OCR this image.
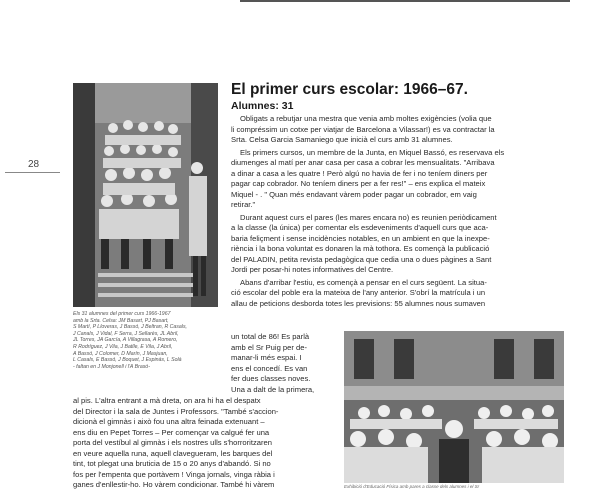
28
Els 31 alumnes del primer curs 1966-1967
amb la Srta. Celsa: JM Basart, PJ Basart,
S Martí, P Lloveras, J Bassó, J Beltran, R Casals,
J Canals, J Vidal, F Serra, J Sellarès, JL Abril,
JL Torres, JA García, A Villagrasa, A Romero,
R Rodríguez, J Vila, J Batlle, E Vila, J Abril,
A Bassó, J Colomer, D Marín, J Masjuan,
L Casals, E Bassó, J Boquet, J Espinàs, L Solà
- faltan en J Monjonell i l'A Brasó-
El primer curs escolar: 1966–67.
Alumnes: 31

Obligats a rebutjar una mestra que venia amb moltes exigències (volia que
li compréssim un cotxe per viatjar de Barcelona a Vilassar!) es va contractar la
Srta. Celsa Garcia Samaniego que inicià el curs amb 31 alumnes.

Els primers cursos, un membre de la Junta, en Miquel Bassó, es reservava els
diumenges al matí per anar casa per casa a cobrar les mensualitats. "Arribava
a dinar a casa a les quatre ! Però algú no havia de fer i no teníem diners per
pagar cap cobrador. No teníem diners per a fer res!" – ens explica el mateix
Miquel - . " Quan més endavant vàrem poder pagar un cobrador, em vaig
retirar."

Durant aquest curs el pares (les mares encara no) es reunien periòdicament
a la classe (la única) per comentar els esdeveniments d'aquell curs que aca-
baria feliçment i sense incidències notables, en un ambient en que la inexpe-
riència i la bona voluntat es donaren la mà tothora. Es començà la publicació
del PALADIN, petita revista pedagògica que cedia una o dues pàgines a Sant
Jordi per posar-hi notes informatives del Centre.

Abans d'arribar l'estiu, es començà a pensar en el curs següent. La situa-
ció escolar del poble era la mateixa de l'any anterior. S'obrí la matrícula i un
allau de peticions desborda totes les previsions: 55 alumnes nous sumaven

un total de 86! Es parlà
amb el Sr Puig per de-
manar-li més espai. I
ens el concedí. Es van
fer dues classes noves.
Una a dalt de la primera,
al pis. L'altra entrant a mà dreta, on ara hi ha el despatx
del Director i la sala de Juntes i Professors. "També s'accion-
dicionà el gimnàs i això fou una altra feinada extenuant –
ens diu en Pepet Torres – Per començar va calgué fer una
porta del vestíbul al gimnàs i els nostres ulls s'horroritzaren
en veure aquella runa, aquell clavegueram, les barques del
tint, tot plegat una bruticia de 15 o 20 anys d'abandó. Si no
fos per l'empenta que portàvem ! Vinga jornals, vinga ràbia i
ganes d'enllestir-ho. Ho vàrem condicionar. També hi vàrem	Exhibició d'Educació Física amb pares a classe dels alumnes i el Sr
